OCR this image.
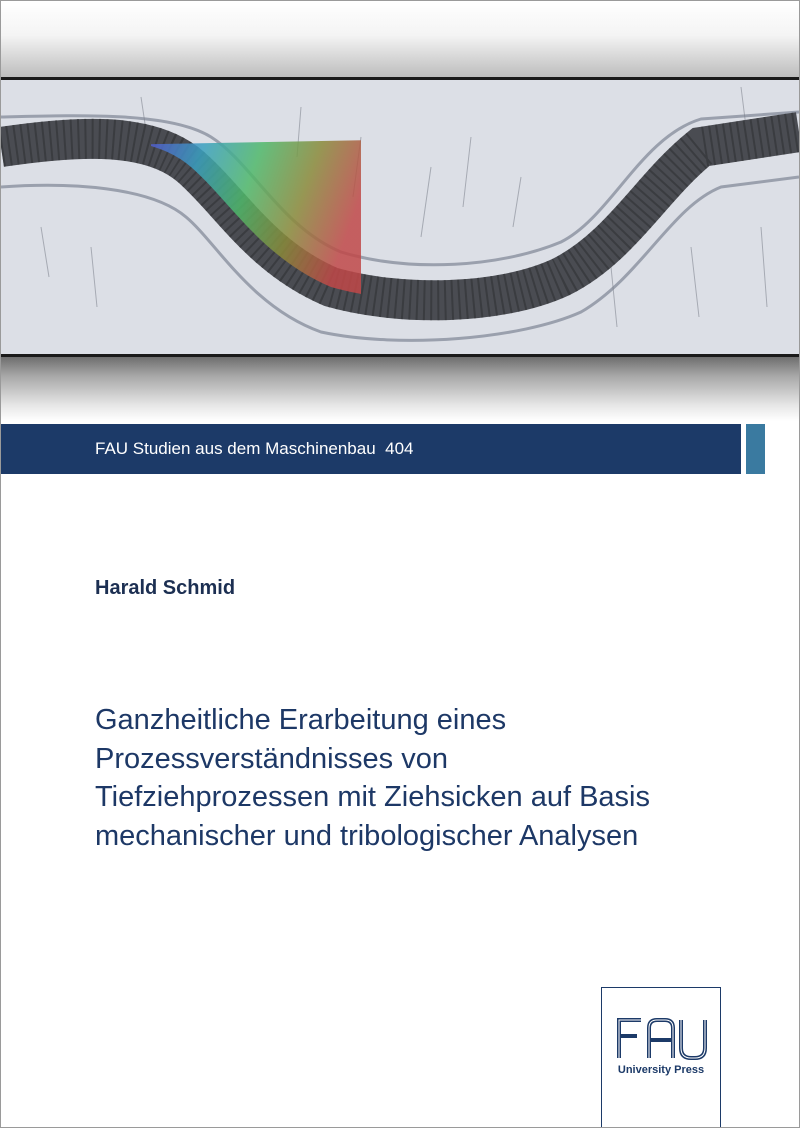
FAU Studien aus dem Maschinenbau 404
Harald Schmid
Ganzheitliche Erarbeitung eines
Prozessverständnisses von
Tiefziehprozessen mit Ziehsicken auf Basis
mechanischer und tribologischer Analysen
University Press
